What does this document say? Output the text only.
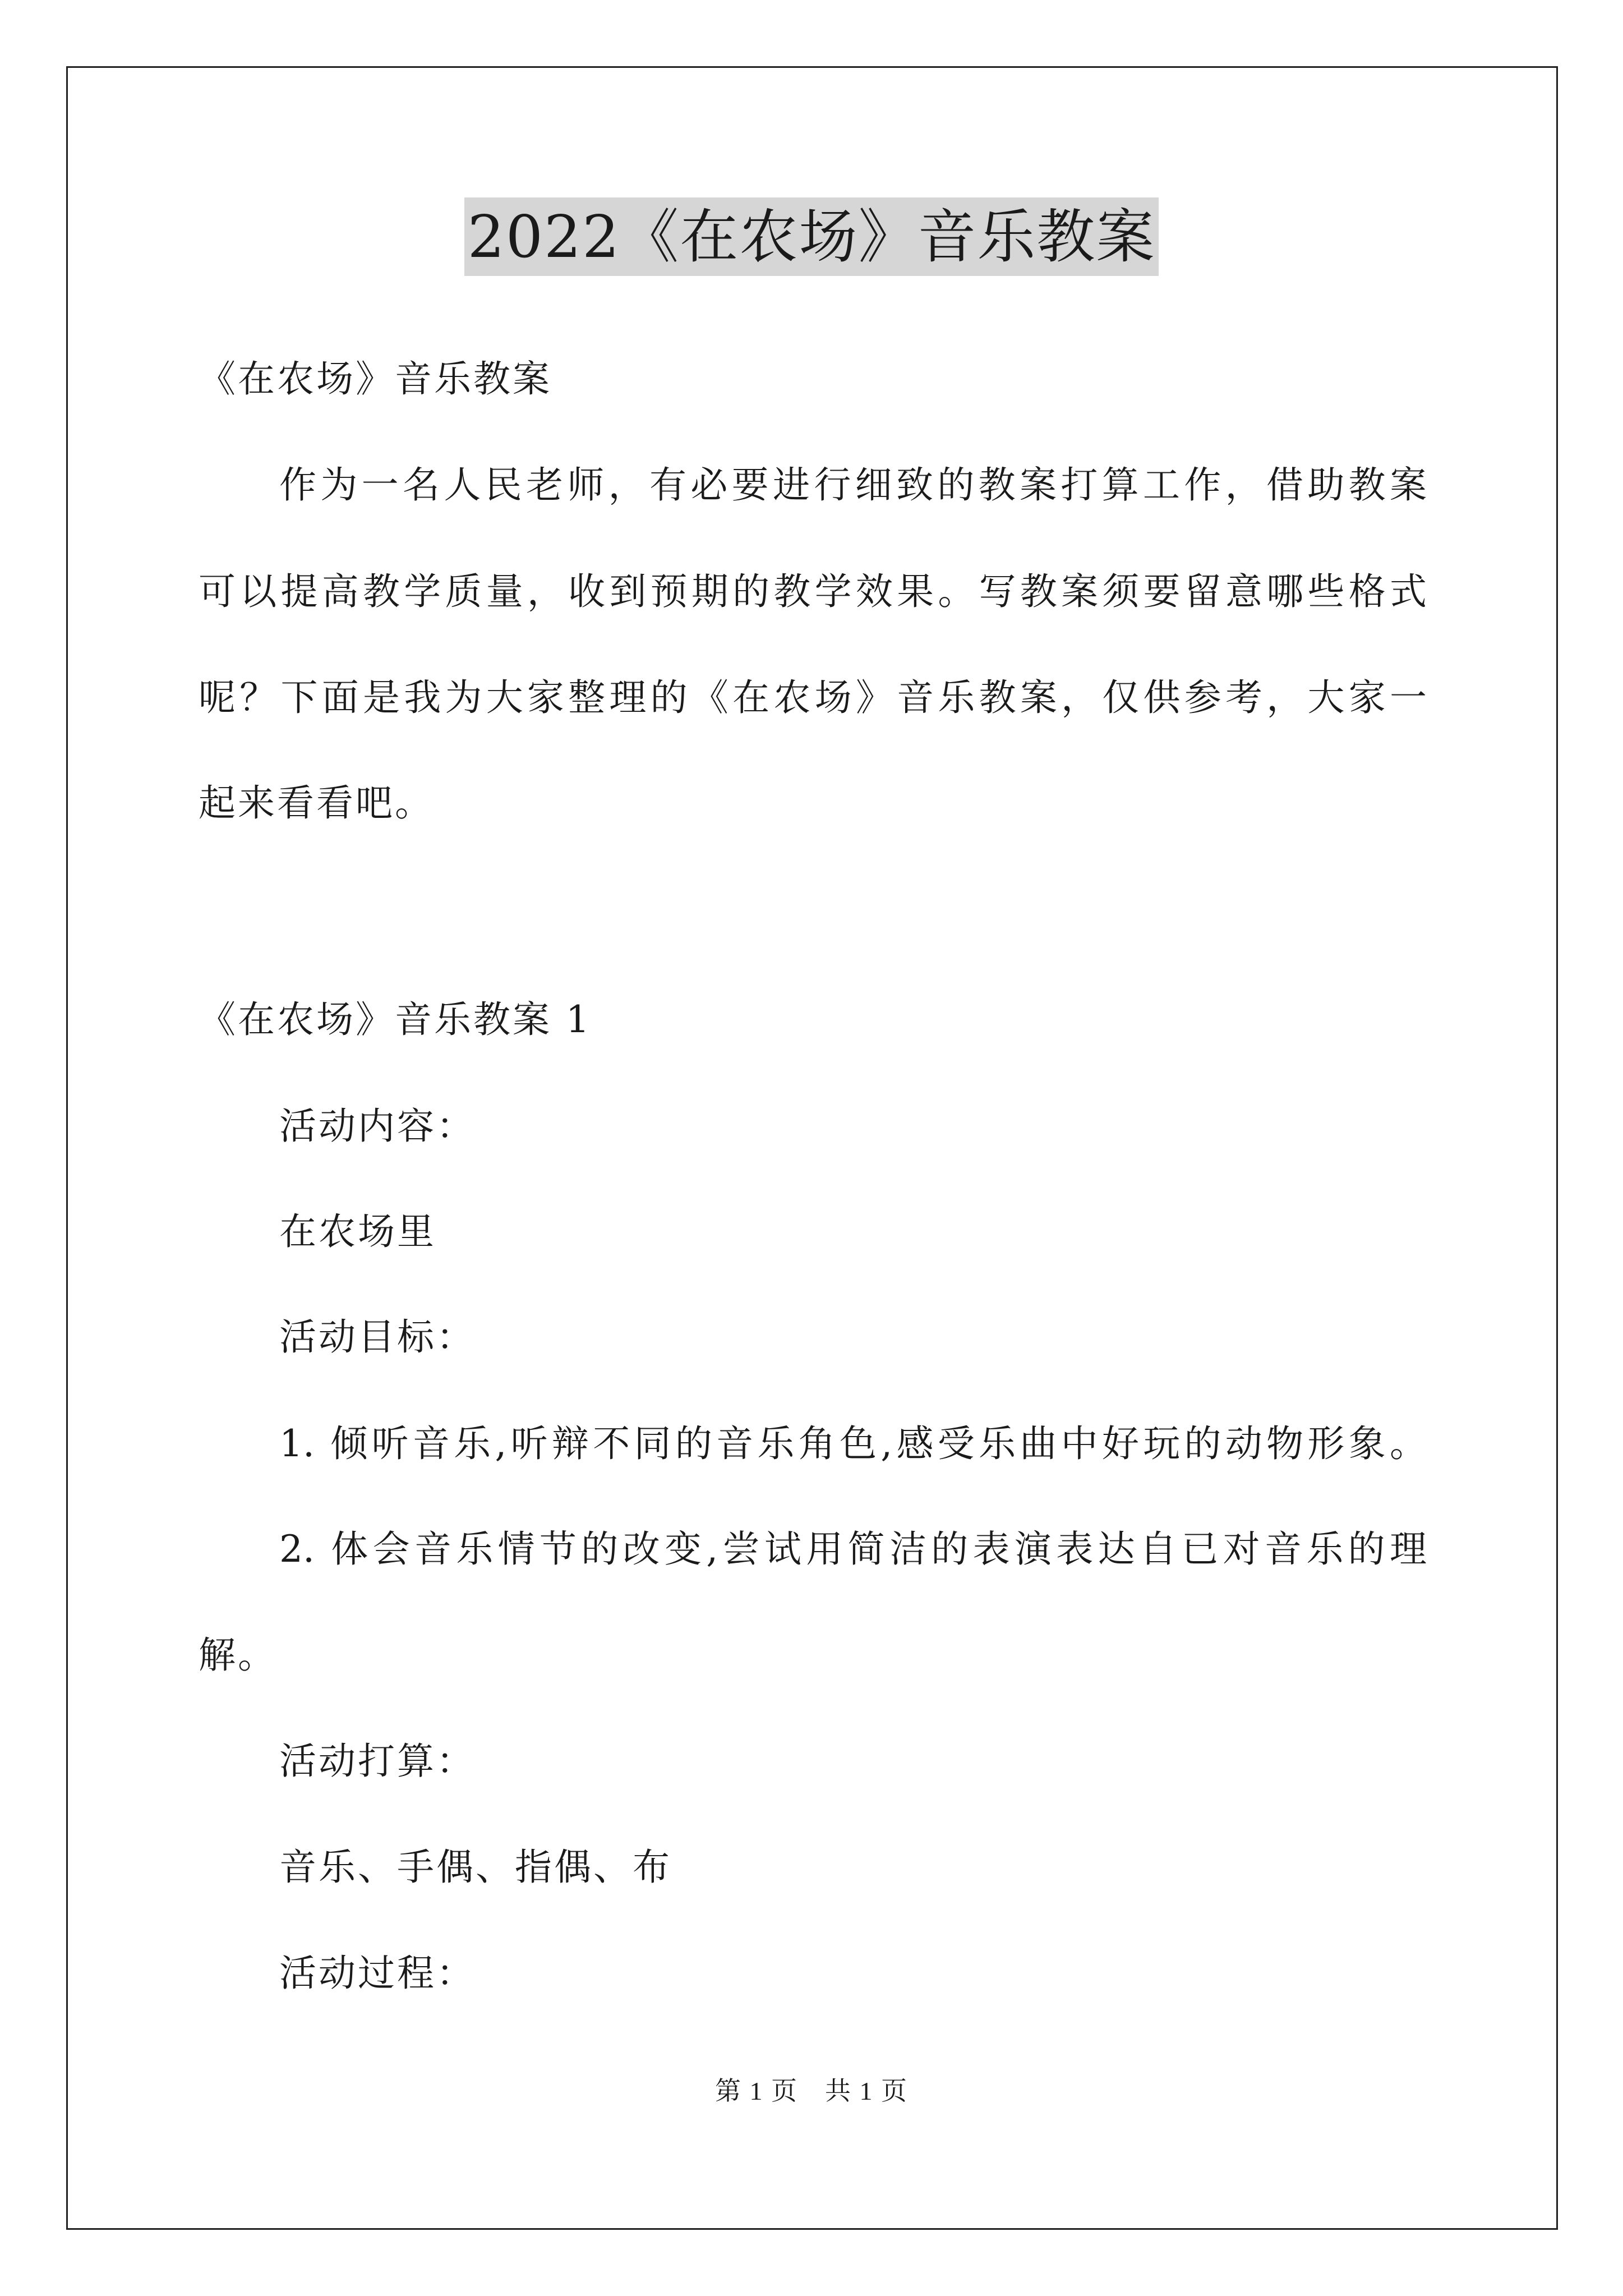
2022《在农场》音乐教案
《在农场》音乐教案
作为一名人民老师，有必要进行细致的教案打算工作，借助教案
可以提高教学质量，收到预期的教学效果。写教案须要留意哪些格式
呢？下面是我为大家整理的《在农场》音乐教案，仅供参考，大家一
起来看看吧。
《在农场》音乐教案 1
活动内容：
在农场里
活动目标：
1. 倾听音乐,听辩不同的音乐角色,感受乐曲中好玩的动物形象。
2. 体会音乐情节的改变,尝试用简洁的表演表达自已对音乐的理
解。
活动打算：
音乐、手偶、指偶、布
活动过程：
第 1 页　共 1 页
